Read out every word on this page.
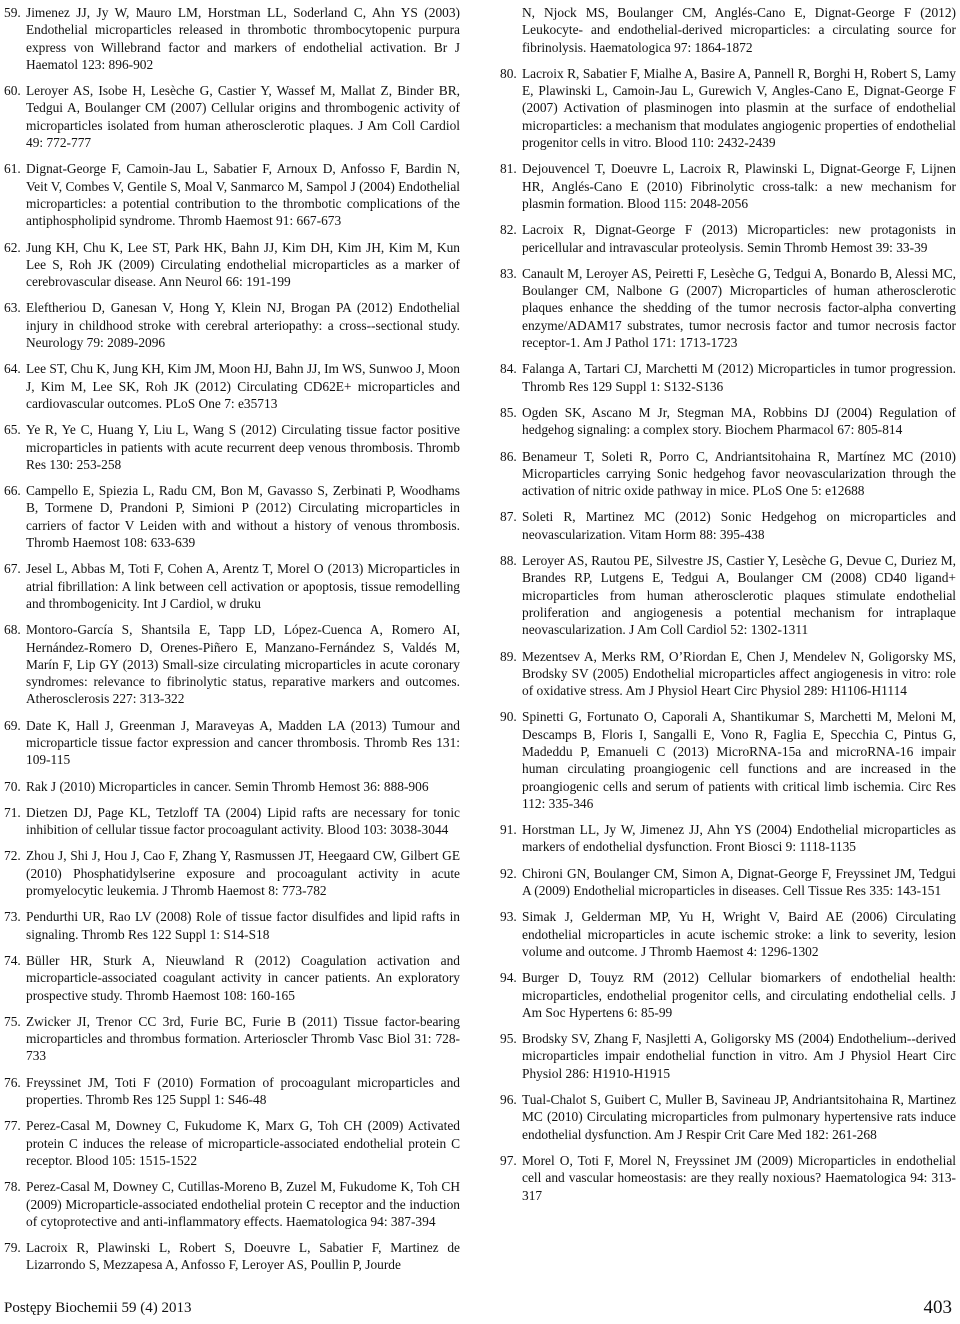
59. Jimenez JJ, Jy W, Mauro LM, Horstman LL, Soderland C, Ahn YS (2003) Endothelial microparticles released in thrombotic thrombocytopenic purpura express von Willebrand factor and markers of endothelial activation. Br J Haematol 123: 896-902

60. Leroyer AS, Isobe H, Lesèche G, Castier Y, Wassef M, Mallat Z, Binder BR, Tedgui A, Boulanger CM (2007) Cellular origins and thrombogenic activity of microparticles isolated from human atherosclerotic plaques. J Am Coll Cardiol 49: 772-777

61. Dignat-George F, Camoin-Jau L, Sabatier F, Arnoux D, Anfosso F, Bardin N, Veit V, Combes V, Gentile S, Moal V, Sanmarco M, Sampol J (2004) Endothelial microparticles: a potential contribution to the thrombotic complications of the antiphospholipid syndrome. Thromb Haemost 91: 667-673

62. Jung KH, Chu K, Lee ST, Park HK, Bahn JJ, Kim DH, Kim JH, Kim M, Kun Lee S, Roh JK (2009) Circulating endothelial microparticles as a marker of cerebrovascular disease. Ann Neurol 66: 191-199

63. Eleftheriou D, Ganesan V, Hong Y, Klein NJ, Brogan PA (2012) Endothelial injury in childhood stroke with cerebral arteriopathy: a cross--sectional study. Neurology 79: 2089-2096

64. Lee ST, Chu K, Jung KH, Kim JM, Moon HJ, Bahn JJ, Im WS, Sunwoo J, Moon J, Kim M, Lee SK, Roh JK (2012) Circulating CD62E+ microparticles and cardiovascular outcomes. PLoS One 7: e35713

65. Ye R, Ye C, Huang Y, Liu L, Wang S (2012) Circulating tissue factor positive microparticles in patients with acute recurrent deep venous thrombosis. Thromb Res 130: 253-258

66. Campello E, Spiezia L, Radu CM, Bon M, Gavasso S, Zerbinati P, Woodhams B, Tormene D, Prandoni P, Simioni P (2012) Circulating microparticles in carriers of factor V Leiden with and without a history of venous thrombosis. Thromb Haemost 108: 633-639

67. Jesel L, Abbas M, Toti F, Cohen A, Arentz T, Morel O (2013) Microparticles in atrial fibrillation: A link between cell activation or apoptosis, tissue remodelling and thrombogenicity. Int J Cardiol, w druku

68. Montoro-García S, Shantsila E, Tapp LD, López-Cuenca A, Romero AI, Hernández-Romero D, Orenes-Piñero E, Manzano-Fernández S, Valdés M, Marín F, Lip GY (2013) Small-size circulating microparticles in acute coronary syndromes: relevance to fibrinolytic status, reparative markers and outcomes. Atherosclerosis 227: 313-322

69. Date K, Hall J, Greenman J, Maraveyas A, Madden LA (2013) Tumour and microparticle tissue factor expression and cancer thrombosis. Thromb Res 131: 109-115

70. Rak J (2010) Microparticles in cancer. Semin Thromb Hemost 36: 888-906

71. Dietzen DJ, Page KL, Tetzloff TA (2004) Lipid rafts are necessary for tonic inhibition of cellular tissue factor procoagulant activity. Blood 103: 3038-3044

72. Zhou J, Shi J, Hou J, Cao F, Zhang Y, Rasmussen JT, Heegaard CW, Gilbert GE (2010) Phosphatidylserine exposure and procoagulant activity in acute promyelocytic leukemia. J Thromb Haemost 8: 773-782

73. Pendurthi UR, Rao LV (2008) Role of tissue factor disulfides and lipid rafts in signaling. Thromb Res 122 Suppl 1: S14-S18

74. Büller HR, Sturk A, Nieuwland R (2012) Coagulation activation and microparticle-associated coagulant activity in cancer patients. An exploratory prospective study. Thromb Haemost 108: 160-165

75. Zwicker JI, Trenor CC 3rd, Furie BC, Furie B (2011) Tissue factor-bearing microparticles and thrombus formation. Arterioscler Thromb Vasc Biol 31: 728-733

76. Freyssinet JM, Toti F (2010) Formation of procoagulant microparticles and properties. Thromb Res 125 Suppl 1: S46-48

77. Perez-Casal M, Downey C, Fukudome K, Marx G, Toh CH (2009) Activated protein C induces the release of microparticle-associated endothelial protein C receptor. Blood 105: 1515-1522

78. Perez-Casal M, Downey C, Cutillas-Moreno B, Zuzel M, Fukudome K, Toh CH (2009) Microparticle-associated endothelial protein C receptor and the induction of cytoprotective and anti-inflammatory effects. Haematologica 94: 387-394

79. Lacroix R, Plawinski L, Robert S, Doeuvre L, Sabatier F, Martinez de Lizarrondo S, Mezzapesa A, Anfosso F, Leroyer AS, Poullin P, Jourde

N, Njock MS, Boulanger CM, Anglés-Cano E, Dignat-George F (2012) Leukocyte- and endothelial-derived microparticles: a circulating source for fibrinolysis. Haematologica 97: 1864-1872

80. Lacroix R, Sabatier F, Mialhe A, Basire A, Pannell R, Borghi H, Robert S, Lamy E, Plawinski L, Camoin-Jau L, Gurewich V, Angles-Cano E, Dignat-George F (2007) Activation of plasminogen into plasmin at the surface of endothelial microparticles: a mechanism that modulates angiogenic properties of endothelial progenitor cells in vitro. Blood 110: 2432-2439

81. Dejouvencel T, Doeuvre L, Lacroix R, Plawinski L, Dignat-George F, Lijnen HR, Anglés-Cano E (2010) Fibrinolytic cross-talk: a new mechanism for plasmin formation. Blood 115: 2048-2056

82. Lacroix R, Dignat-George F (2013) Microparticles: new protagonists in pericellular and intravascular proteolysis. Semin Thromb Hemost 39: 33-39

83. Canault M, Leroyer AS, Peiretti F, Lesèche G, Tedgui A, Bonardo B, Alessi MC, Boulanger CM, Nalbone G (2007) Microparticles of human atherosclerotic plaques enhance the shedding of the tumor necrosis factor-alpha converting enzyme/ADAM17 substrates, tumor necrosis factor and tumor necrosis factor receptor-1. Am J Pathol 171: 1713-1723

84. Falanga A, Tartari CJ, Marchetti M (2012) Microparticles in tumor progression. Thromb Res 129 Suppl 1: S132-S136

85. Ogden SK, Ascano M Jr, Stegman MA, Robbins DJ (2004) Regulation of hedgehog signaling: a complex story. Biochem Pharmacol 67: 805-814

86. Benameur T, Soleti R, Porro C, Andriantsitohaina R, Martínez MC (2010) Microparticles carrying Sonic hedgehog favor neovascularization through the activation of nitric oxide pathway in mice. PLoS One 5: e12688

87. Soleti R, Martinez MC (2012) Sonic Hedgehog on microparticles and neovascularization. Vitam Horm 88: 395-438

88. Leroyer AS, Rautou PE, Silvestre JS, Castier Y, Lesèche G, Devue C, Duriez M, Brandes RP, Lutgens E, Tedgui A, Boulanger CM (2008) CD40 ligand+ microparticles from human atherosclerotic plaques stimulate endothelial proliferation and angiogenesis a potential mechanism for intraplaque neovascularization. J Am Coll Cardiol 52: 1302-1311

89. Mezentsev A, Merks RM, O’Riordan E, Chen J, Mendelev N, Goligorsky MS, Brodsky SV (2005) Endothelial microparticles affect angiogenesis in vitro: role of oxidative stress. Am J Physiol Heart Circ Physiol 289: H1106-H1114

90. Spinetti G, Fortunato O, Caporali A, Shantikumar S, Marchetti M, Meloni M, Descamps B, Floris I, Sangalli E, Vono R, Faglia E, Specchia C, Pintus G, Madeddu P, Emanueli C (2013) MicroRNA-15a and microRNA-16 impair human circulating proangiogenic cell functions and are increased in the proangiogenic cells and serum of patients with critical limb ischemia. Circ Res 112: 335-346

91. Horstman LL, Jy W, Jimenez JJ, Ahn YS (2004) Endothelial microparticles as markers of endothelial dysfunction. Front Biosci 9: 1118-1135

92. Chironi GN, Boulanger CM, Simon A, Dignat-George F, Freyssinet JM, Tedgui A (2009) Endothelial microparticles in diseases. Cell Tissue Res 335: 143-151

93. Simak J, Gelderman MP, Yu H, Wright V, Baird AE (2006) Circulating endothelial microparticles in acute ischemic stroke: a link to severity, lesion volume and outcome. J Thromb Haemost 4: 1296-1302

94. Burger D, Touyz RM (2012) Cellular biomarkers of endothelial health: microparticles, endothelial progenitor cells, and circulating endothelial cells. J Am Soc Hypertens 6: 85-99

95. Brodsky SV, Zhang F, Nasjletti A, Goligorsky MS (2004) Endothelium--derived microparticles impair endothelial function in vitro. Am J Physiol Heart Circ Physiol 286: H1910-H1915

96. Tual-Chalot S, Guibert C, Muller B, Savineau JP, Andriantsitohaina R, Martinez MC (2010) Circulating microparticles from pulmonary hypertensive rats induce endothelial dysfunction. Am J Respir Crit Care Med 182: 261-268

97. Morel O, Toti F, Morel N, Freyssinet JM (2009) Microparticles in endothelial cell and vascular homeostasis: are they really noxious? Haematologica 94: 313-317

Postępy Biochemii 59 (4) 2013	403
